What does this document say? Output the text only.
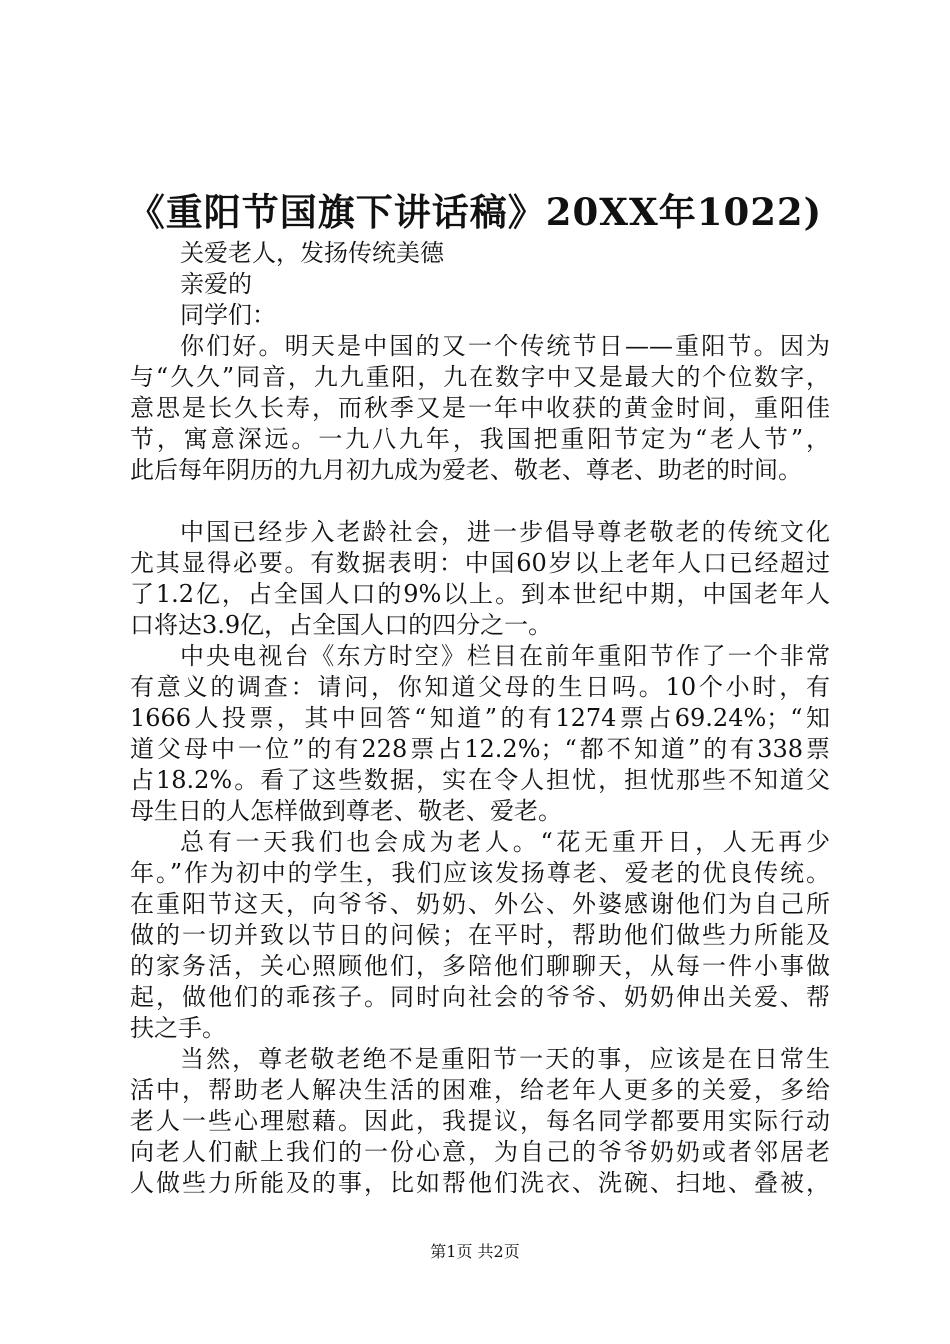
《重阳节国旗下讲话稿》20XX年1022)
关爱老人，发扬传统美德
亲爱的
同学们：
你们好。明天是中国的又一个传统节日——重阳节。因为
与“久久”同音，九九重阳，九在数字中又是最大的个位数字，
意思是长久长寿，而秋季又是一年中收获的黄金时间，重阳佳
节，寓意深远。一九八九年，我国把重阳节定为“老人节”，
此后每年阴历的九月初九成为爱老、敬老、尊老、助老的时间。
中国已经步入老龄社会，进一步倡导尊老敬老的传统文化
尤其显得必要。有数据表明：中国60岁以上老年人口已经超过
了1.2亿，占全国人口的9%以上。到本世纪中期，中国老年人
口将达3.9亿，占全国人口的四分之一。
中央电视台《东方时空》栏目在前年重阳节作了一个非常
有意义的调查：请问，你知道父母的生日吗。10个小时，有
1666人投票，其中回答“知道”的有1274票占69.24%；“知
道父母中一位”的有228票占12.2%；“都不知道”的有338票
占18.2%。看了这些数据，实在令人担忧，担忧那些不知道父
母生日的人怎样做到尊老、敬老、爱老。
总有一天我们也会成为老人。“花无重开日，人无再少
年。”作为初中的学生，我们应该发扬尊老、爱老的优良传统。
在重阳节这天，向爷爷、奶奶、外公、外婆感谢他们为自己所
做的一切并致以节日的问候；在平时，帮助他们做些力所能及
的家务活，关心照顾他们，多陪他们聊聊天，从每一件小事做
起，做他们的乖孩子。同时向社会的爷爷、奶奶伸出关爱、帮
扶之手。
当然，尊老敬老绝不是重阳节一天的事，应该是在日常生
活中，帮助老人解决生活的困难，给老年人更多的关爱，多给
老人一些心理慰藉。因此，我提议，每名同学都要用实际行动
向老人们献上我们的一份心意，为自己的爷爷奶奶或者邻居老
人做些力所能及的事，比如帮他们洗衣、洗碗、扫地、叠被，
第1页 共2页
